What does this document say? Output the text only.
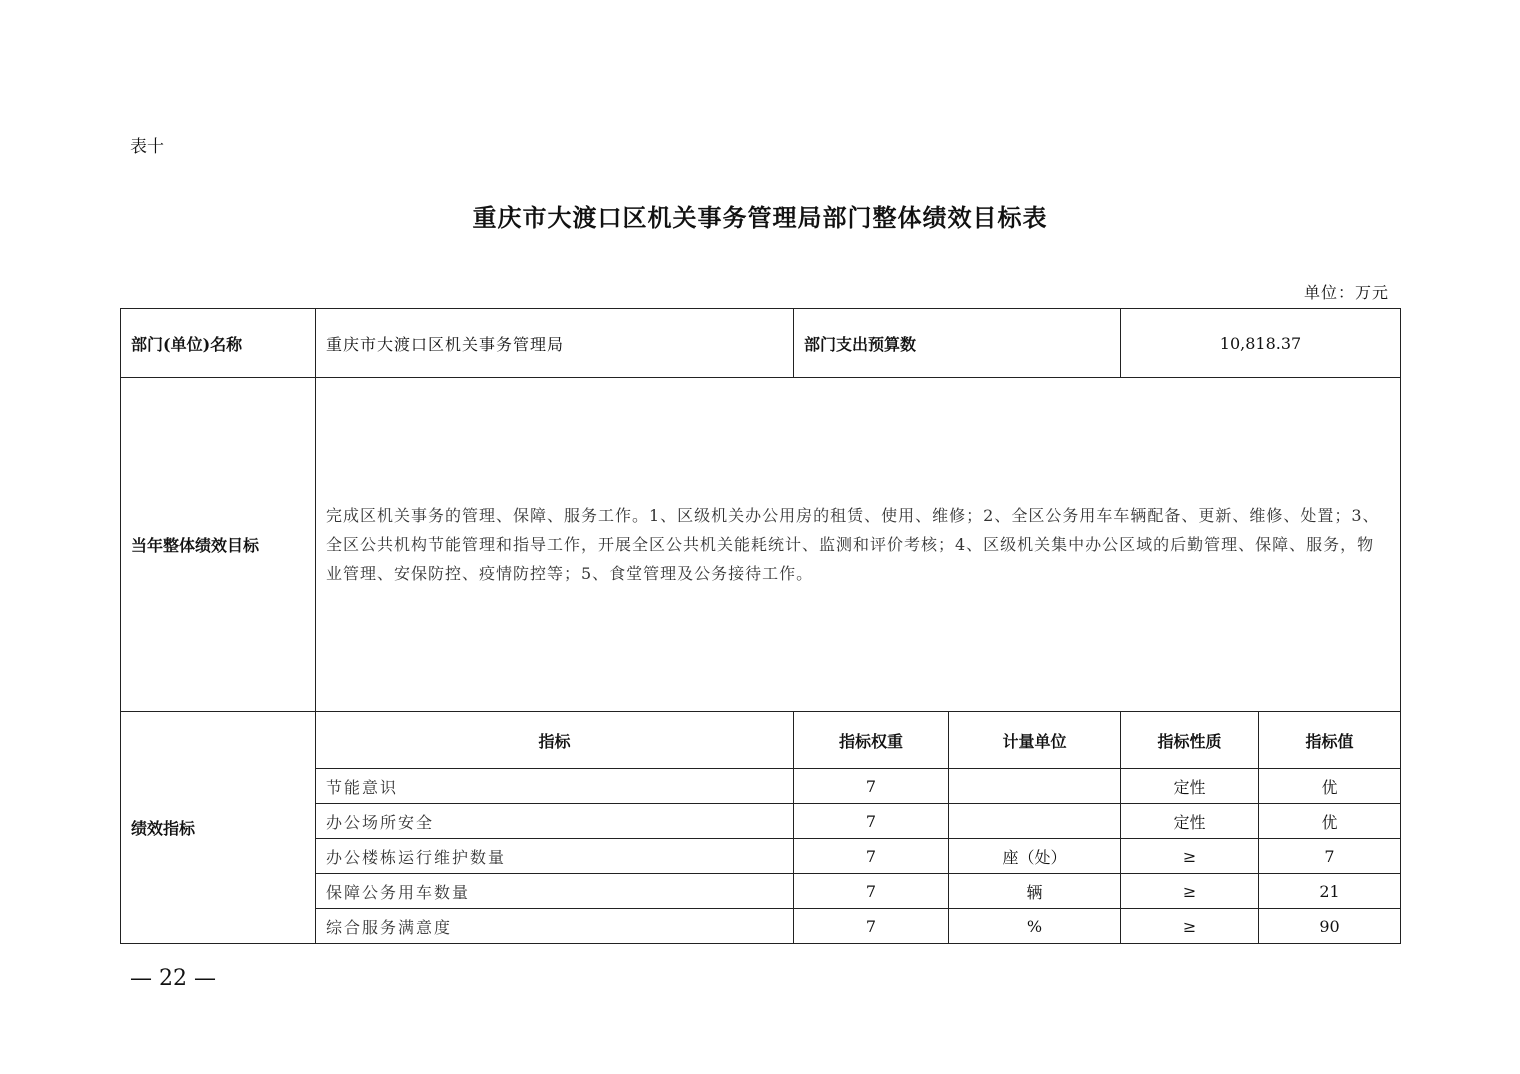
表十
重庆市大渡口区机关事务管理局部门整体绩效目标表
单位：万元
部门(单位)名称	重庆市大渡口区机关事务管理局	部门支出预算数		10,818.37	
当年整体绩效目标	完成区机关事务的管理、保障、服务工作。1、区级机关办公用房的租赁、使用、维修；2、全区公务用车车辆配备、更新、维修、处置；3、全区公共机构节能管理和指导工作，开展全区公共机关能耗统计、监测和评价考核；4、区级机关集中办公区域的后勤管理、保障、服务，物业管理、安保防控、疫情防控等；5、食堂管理及公务接待工作。				
绩效指标	指标	指标权重	计量单位	指标性质	指标值
	节能意识	7		定性	优
	办公场所安全	7		定性	优
	办公楼栋运行维护数量	7	座（处）	≥	7
	保障公务用车数量	7	辆	≥	21
	综合服务满意度	7	%	≥	90
— 22 —
